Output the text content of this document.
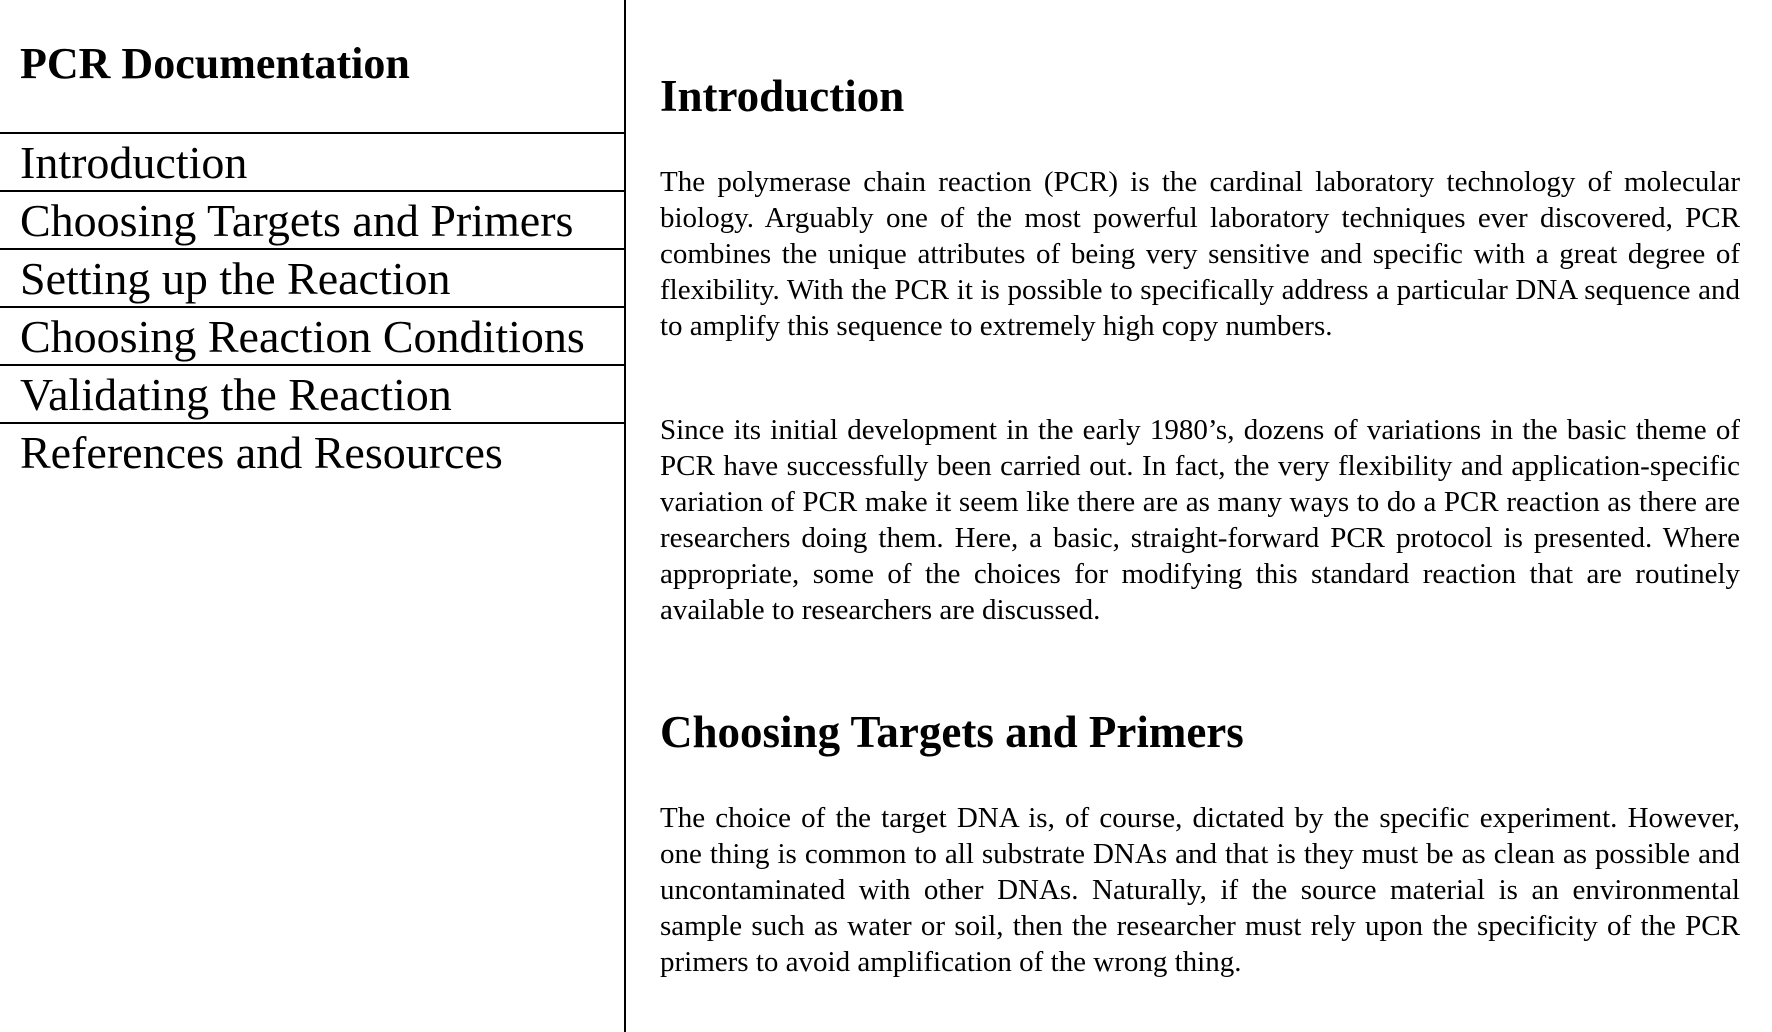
PCR Documentation
Introduction
Choosing Targets and Primers
Setting up the Reaction
Choosing Reaction Conditions
Validating the Reaction
References and Resources
Introduction

The polymerase chain reaction (PCR) is the cardinal laboratory technology of molecular biology. Arguably one of the most powerful laboratory techniques ever discovered, PCR combines the unique attributes of being very sensitive and specific with a great degree of flexibility. With the PCR it is possible to specifically address a particular DNA sequence and to amplify this sequence to extremely high copy numbers.

Since its initial development in the early 1980’s, dozens of variations in the basic theme of PCR have successfully been carried out. In fact, the very flexibility and application-specific variation of PCR make it seem like there are as many ways to do a PCR reaction as there are researchers doing them. Here, a basic, straight-forward PCR protocol is presented. Where appropriate, some of the choices for modifying this standard reaction that are routinely available to researchers are discussed.

Choosing Targets and Primers

The choice of the target DNA is, of course, dictated by the specific experiment. However, one thing is common to all substrate DNAs and that is they must be as clean as possible and uncontaminated with other DNAs. Naturally, if the source material is an environmental sample such as water or soil, then the researcher must rely upon the specificity of the PCR primers to avoid amplification of the wrong thing.
